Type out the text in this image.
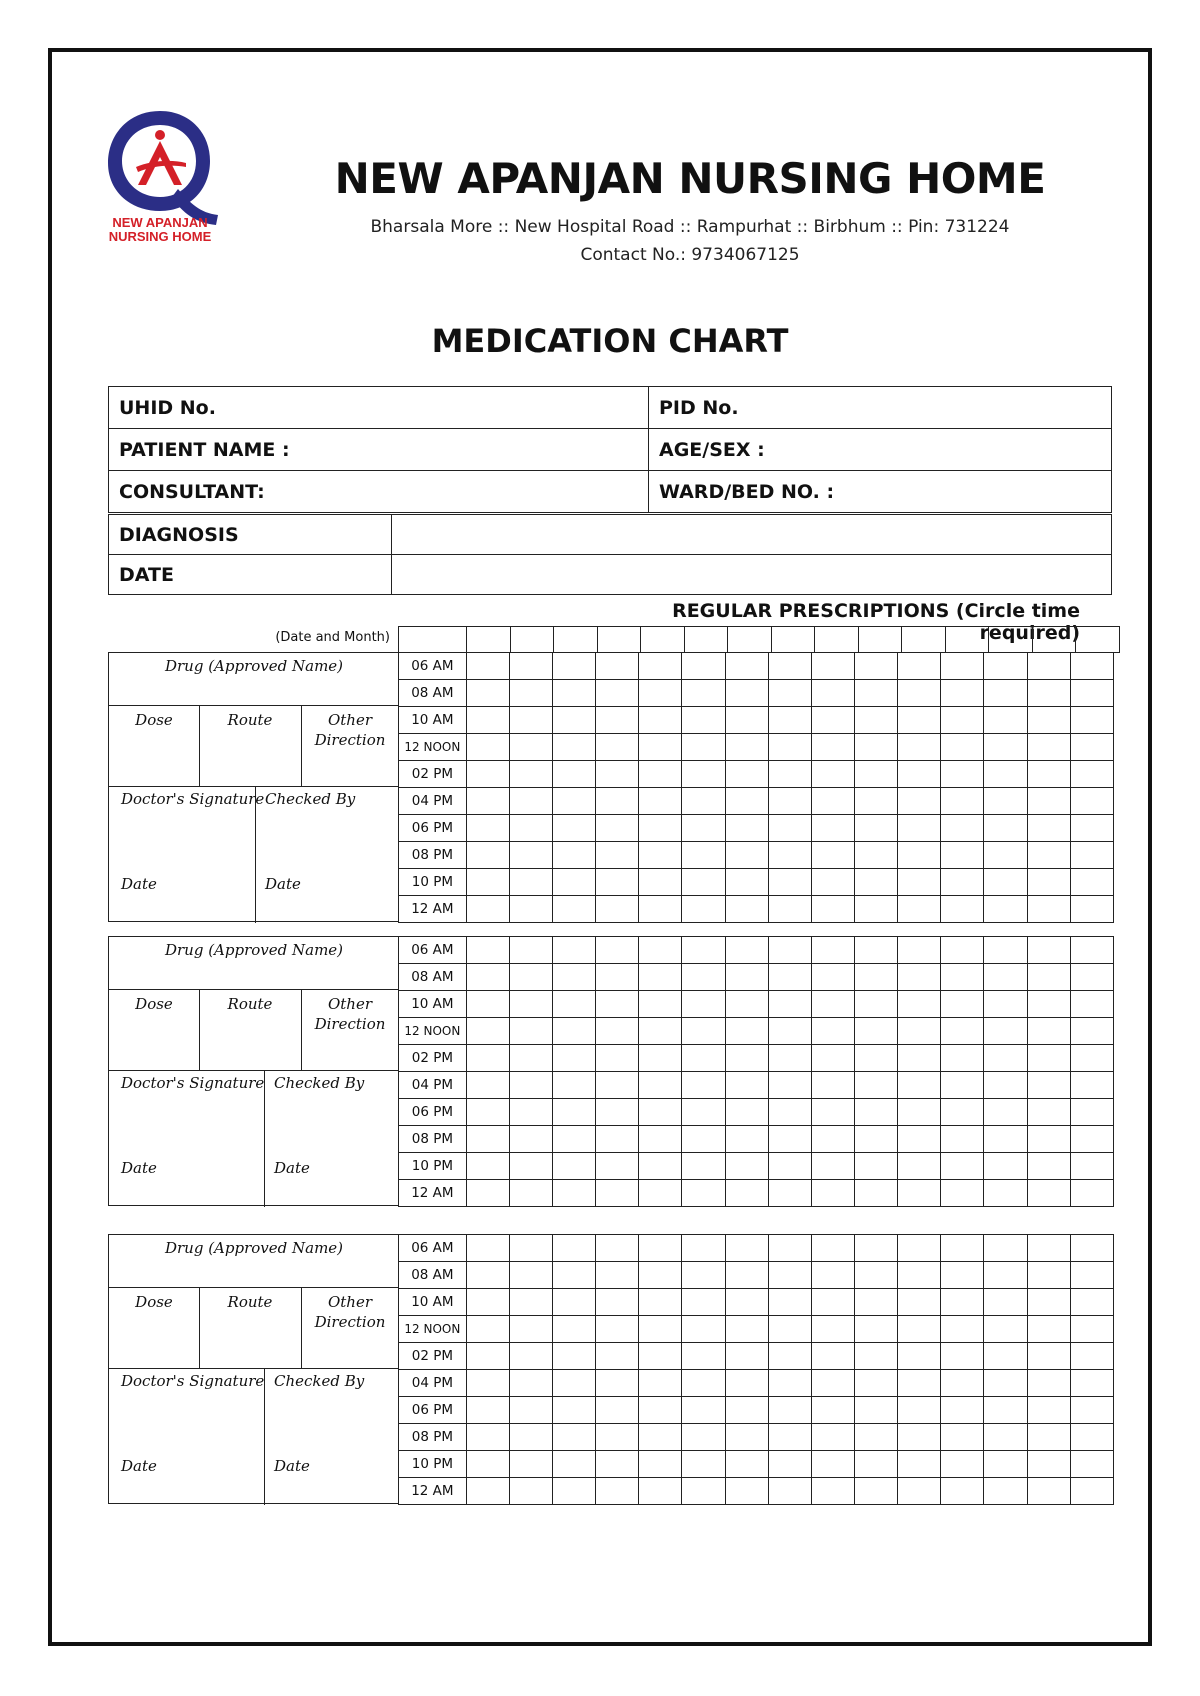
NEW APANJAN
NURSING HOME
NEW APANJAN NURSING HOME
Bharsala More :: New Hospital Road :: Rampurhat :: Birbhum :: Pin: 731224
Contact No.: 9734067125
MEDICATION CHART
UHID No.	PID No.
PATIENT NAME :	AGE/SEX :
CONSULTANT:	WARD/BED NO. :
DIAGNOSIS	
DATE	
REGULAR PRESCRIPTIONS (Circle time required)
(Date and Month)

Drug (Approved Name)
Dose	Route	Other
Direction
Doctor's Signature Checked By
Date	Date
06 AM															
08 AM															
10 AM															
12 NOON															
02 PM															
04 PM															
06 PM															
08 PM															
10 PM															
12 AM															
Drug (Approved Name)
Dose	Route	Other
Direction
Doctor's Signature Checked By
Date	Date
06 AM															
08 AM															
10 AM															
12 NOON															
02 PM															
04 PM															
06 PM															
08 PM															
10 PM															
12 AM															
Drug (Approved Name)
Dose	Route	Other
Direction
Doctor's Signature Checked By
Date	Date
06 AM															
08 AM															
10 AM															
12 NOON															
02 PM															
04 PM															
06 PM															
08 PM															
10 PM															
12 AM															
